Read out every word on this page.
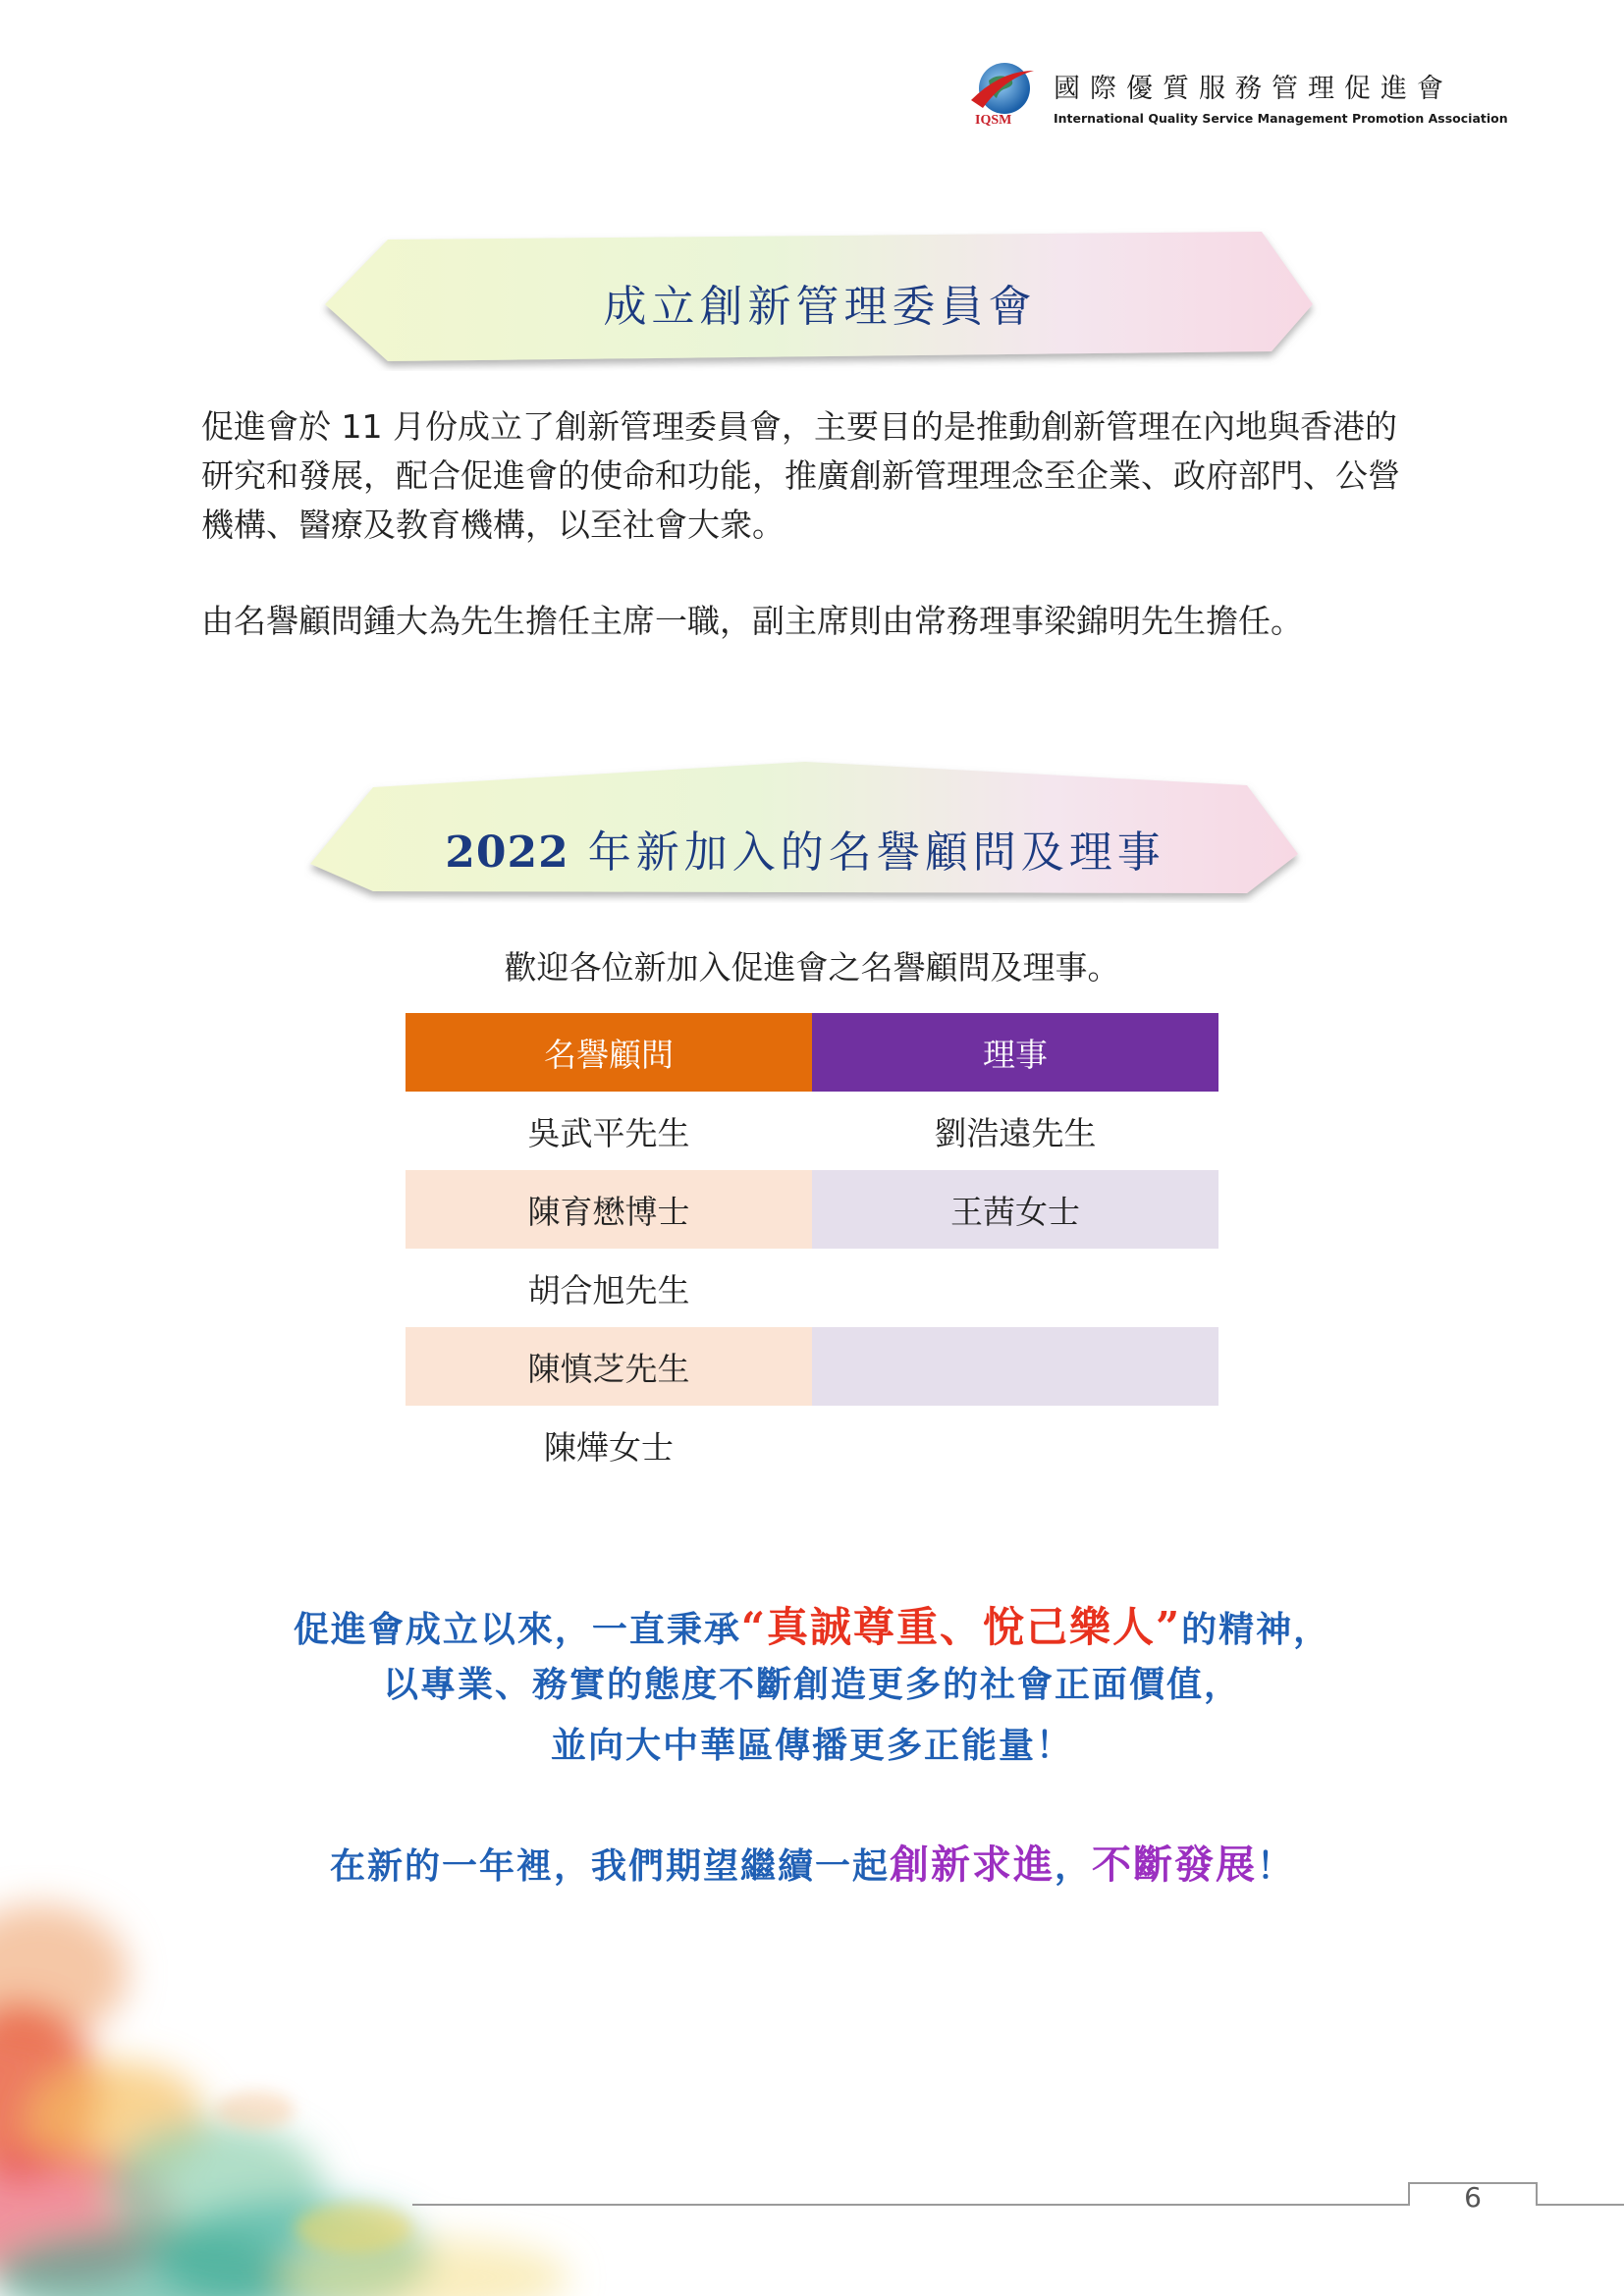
IQSM
國際優質服務管理促進會
International Quality Service Management Promotion Association
成立創新管理委員會
促進會於 11 月份成立了創新管理委員會，主要目的是推動創新管理在內地與香港的研究和發展，配合促進會的使命和功能，推廣創新管理理念至企業、政府部門、公營機構、醫療及教育機構，以至社會大衆。
由名譽顧問鍾大為先生擔任主席一職，副主席則由常務理事梁錦明先生擔任。
2022 年新加入的名譽顧問及理事
歡迎各位新加入促進會之名譽顧問及理事。
名譽顧問	理事
吳武平先生	劉浩遠先生
陳育懋博士	王茜女士
胡合旭先生	
陳慎芝先生	
陳燁女士	
促進會成立以來，一直秉承“真誠尊重、悅己樂人”的精神，
以專業、務實的態度不斷創造更多的社會正面價值，
並向大中華區傳播更多正能量！
在新的一年裡，我們期望繼續一起創新求進，不斷發展！
6
